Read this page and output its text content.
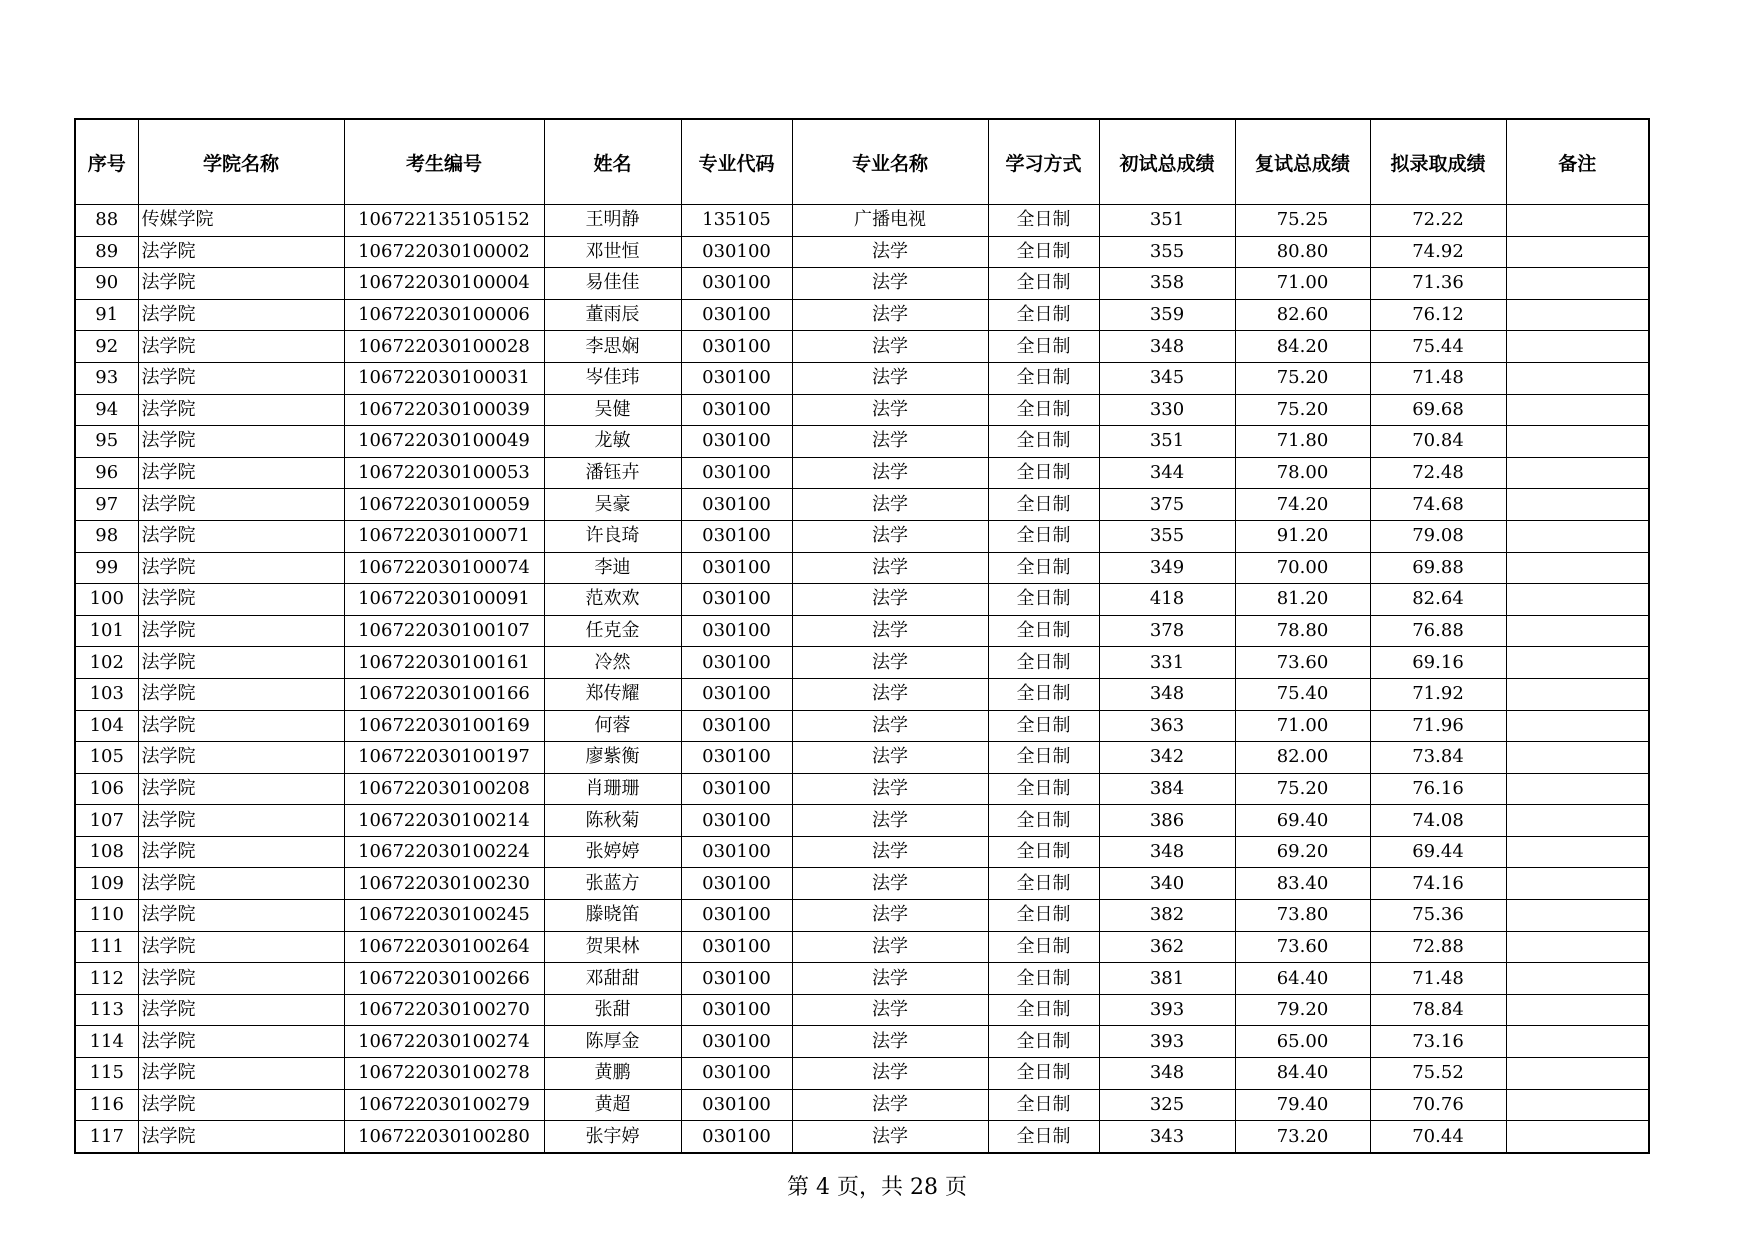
序号	学院名称	考生编号	姓名	专业代码	专业名称	学习方式	初试总成绩	复试总成绩	拟录取成绩	备注
88	传媒学院	106722135105152	王明静	135105	广播电视	全日制	351	75.25	72.22	
89	法学院	106722030100002	邓世恒	030100	法学	全日制	355	80.80	74.92	
90	法学院	106722030100004	易佳佳	030100	法学	全日制	358	71.00	71.36	
91	法学院	106722030100006	董雨辰	030100	法学	全日制	359	82.60	76.12	
92	法学院	106722030100028	李思娴	030100	法学	全日制	348	84.20	75.44	
93	法学院	106722030100031	岑佳玮	030100	法学	全日制	345	75.20	71.48	
94	法学院	106722030100039	吴健	030100	法学	全日制	330	75.20	69.68	
95	法学院	106722030100049	龙敏	030100	法学	全日制	351	71.80	70.84	
96	法学院	106722030100053	潘钰卉	030100	法学	全日制	344	78.00	72.48	
97	法学院	106722030100059	吴豪	030100	法学	全日制	375	74.20	74.68	
98	法学院	106722030100071	许良琦	030100	法学	全日制	355	91.20	79.08	
99	法学院	106722030100074	李迪	030100	法学	全日制	349	70.00	69.88	
100	法学院	106722030100091	范欢欢	030100	法学	全日制	418	81.20	82.64	
101	法学院	106722030100107	任克金	030100	法学	全日制	378	78.80	76.88	
102	法学院	106722030100161	冷然	030100	法学	全日制	331	73.60	69.16	
103	法学院	106722030100166	郑传耀	030100	法学	全日制	348	75.40	71.92	
104	法学院	106722030100169	何蓉	030100	法学	全日制	363	71.00	71.96	
105	法学院	106722030100197	廖紫衡	030100	法学	全日制	342	82.00	73.84	
106	法学院	106722030100208	肖珊珊	030100	法学	全日制	384	75.20	76.16	
107	法学院	106722030100214	陈秋菊	030100	法学	全日制	386	69.40	74.08	
108	法学院	106722030100224	张婷婷	030100	法学	全日制	348	69.20	69.44	
109	法学院	106722030100230	张蓝方	030100	法学	全日制	340	83.40	74.16	
110	法学院	106722030100245	滕晓笛	030100	法学	全日制	382	73.80	75.36	
111	法学院	106722030100264	贺果林	030100	法学	全日制	362	73.60	72.88	
112	法学院	106722030100266	邓甜甜	030100	法学	全日制	381	64.40	71.48	
113	法学院	106722030100270	张甜	030100	法学	全日制	393	79.20	78.84	
114	法学院	106722030100274	陈厚金	030100	法学	全日制	393	65.00	73.16	
115	法学院	106722030100278	黄鹏	030100	法学	全日制	348	84.40	75.52	
116	法学院	106722030100279	黄超	030100	法学	全日制	325	79.40	70.76	
117	法学院	106722030100280	张宇婷	030100	法学	全日制	343	73.20	70.44	
第 4 页，共 28 页
